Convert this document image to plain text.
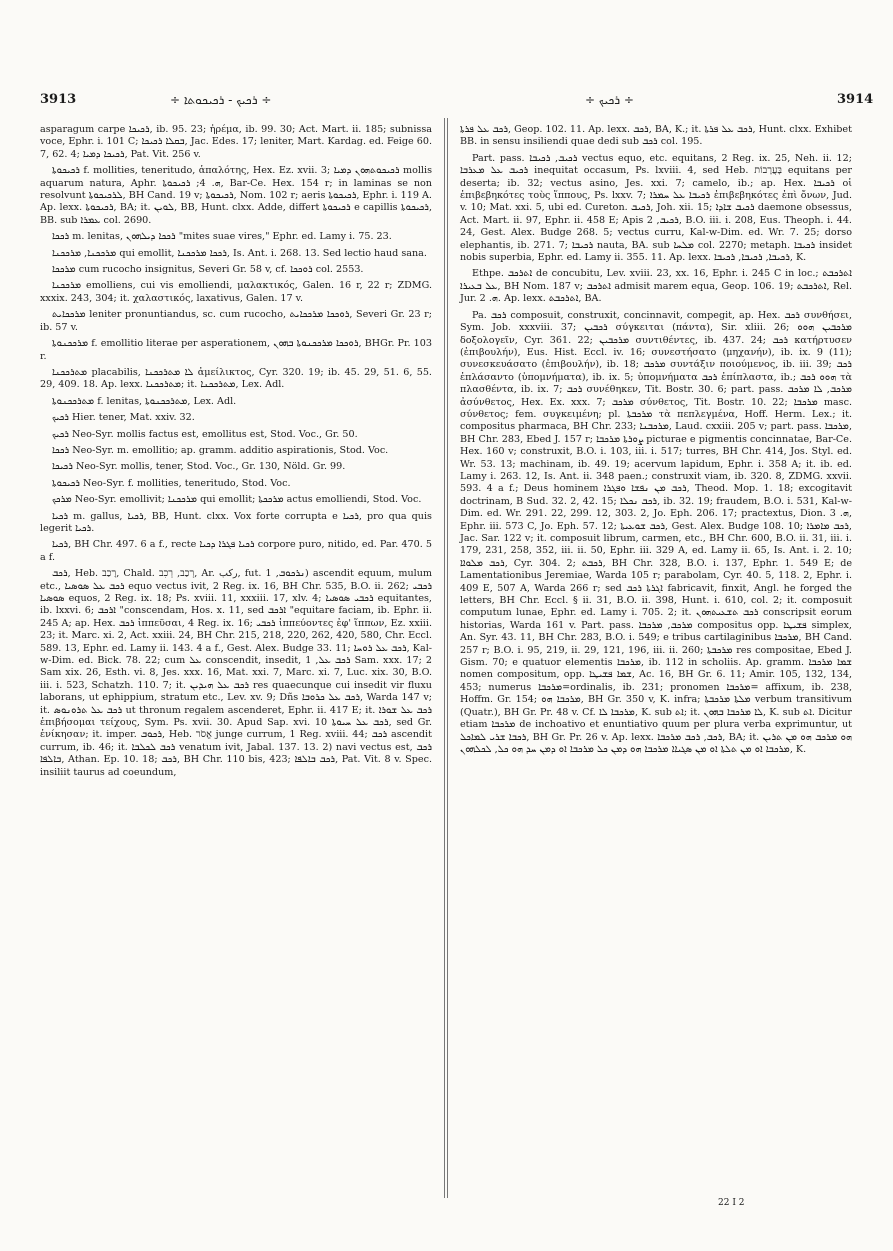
3913	÷ ܪܟܝܟ - ܪܟܝܟܘܬܐ ÷	÷ ܪܟܝܟ ÷	3914

asparagum carpe ܪܟܝܟܐ, ib. 95. 23; ἠρέμα, ib. 99. 30; Act. Mart. ii. 185; subnissa voce, Ephr. i. 101 C; ܒܩܠܐ ܪܟܝܟܐ, Jac. Edes. 17; leniter, Mart. Kardag. ed. Feige 60. 7, 62. 4; ܪܟܝܟܐ ܕܡܝܐ, Pat. Vit. 256 v.

ܪܟܝܟܘܬܐ f. mollities, teneritudo, ἁπαλότης, Hex. Ez. xvii. 3; ܪܟܝܟܘܬܗܘܢ ܕܡܝܐ mollis aquarum natura, Aphr. ܗ. 4; ܪܟܝܟܘܬܐ, Bar-Ce. Hex. 154 r; in laminas se non resolvunt ܠܪܟܝܟܘܬܐ, BH Cand. 19 v; ܪܟܝܟܘܬܐ, Nom. 102 r; aeris ܪܟܝܟܘܬܐ, Ephr. i. 119 A. Ap. lexx. ܪܟܝܟܘܬܐ, BA; it. ܠܘܝܢ, BB, Hunt. clxx. Adde, differt ܪܟܝܟܘܬܐ e capillis ܪܟܝܟܘܬܐ, BB. sub ܥܡܪܐ col. 2690.

ܪܟܟܐ m. lenitas, ܪܟܟܐ ܕܝܠܗܘܢ "mites suae vires," Ephr. ed. Lamy i. 75. 23.

ܡܪܟܟܢܐ, ܡܪܟܟܢܐ qui emollit, ܪܟܟܐ ܡܪܟܟܢܐ, Is. Ant. i. 268. 13. Sed lectio haud sana.

ܡܪܟܟܐ cum rucocho insignitus, Severi Gr. 58 v, cf. ܪܘܟܟܐ col. 2553.

ܡܪܟܟܢܐ emolliens, cui vis emolliendi, μαλακτικός, Galen. 16 r, 22 r; ZDMG. xxxix. 243, 304; it. χαλαστικός, laxativus, Galen. 17 v.

ܡܪܟܟܐܝܬ leniter pronuntiandus, sc. cum rucocho, ܪܘܟܟܐ ܡܪܟܟܐܝܬ, Severi Gr. 23 r; ib. 57 v.

ܡܪܟܟܢܘܬܐ f. emollitio literae per asperationem, ܪܘܟܟܐ ܡܪܟܟܢܘܬܐ ܒܗܘܢ, BHGr. Pr. 103 r.

ܡܬܪܟܟܢܐ placabilis, ܠܐ ܡܬܪܟܟܢܐ ἀμείλικτος, Cyr. 320. 19; ib. 45. 29, 51. 6, 55. 29, 409. 18. Ap. lexx. ܡܬܪܟܟܢܐ; it. ܡܬܪܟܟܢܐ, Lex. Adl.

ܡܬܪܟܟܢܘܬܐ f. lenitas, ܡܬܪܟܟܢܘܬܐ, Lex. Adl.

ܪܟܝܟ Hier. tener, Mat. xxiv. 32.

ܪܟܝܟ Neo-Syr. mollis factus est, emollitus est, Stod. Voc., Gr. 50.

ܪܟܟܐ Neo-Syr. m. emollitio; ap. gramm. additio aspirationis, Stod. Voc.

ܪܟܝܟܐ Neo-Syr. mollis, tener, Stod. Voc., Gr. 130, Nöld. Gr. 99.

ܪܟܝܟܘܬܐ Neo-Syr. f. mollities, teneritudo, Stod. Voc.

ܡܪܟܟ Neo-Syr. emollivit; ܡܪܟܟܢܐ qui emollit; ܡܪܟܟܬܐ actus emolliendi, Stod. Voc.

ܪܟܝܐ m. gallus, ܪܟܝܐ, BB, Hunt. clxx. Vox forte corrupta e ܪܟܝܐ, pro qua quis legerit ܪܟܝܐ.

ܪܟܝܐ, BH Chr. 497. 6 a f., recte ܪܟܝܐ ܦܓܪܐ ܕܟܝܐ corpore puro, nitido, ed. Par. 470. 5 a f.

ܪܟܒ, Heb. רָכַב, Chald. רְכַב, רְכִב, Ar. ركب, fut. ܢܪܟܘܒ, 1) ascendit equum, mulum etc., ܪܟܒ ܥܠ ܣܘܣܝܐ equo vectus ivit, 2 Reg. ix. 16, BH Chr. 535, B.O. ii. 262; ܪܟܒܝ ܣܘܣܝܐ equos, 2 Reg. ix. 18; Ps. xviii. 11, xxxiii. 17, xlv. 4; ܪܟܒܝ ܣܘܣܝܐ equitantes, ib. lxxvi. 6; ܐܪܟܒ "conscendam, Hos. x. 11, sed ܐܪܟܒ "equitare faciam, ib. Ephr. ii. 245 A; ap. Hex. ܪܟܒ ἱππεῦσαι, 4 Reg. ix. 16; ܪܟܒܝ ἱππεύοντες ἐφ' ἵππων, Ez. xxiii. 23; it. Marc. xi. 2, Act. xxiii. 24, BH Chr. 215, 218, 220, 262, 420, 580, Chr. Eccl. 589. 13, Ephr. ed. Lamy ii. 143. 4 a f., Gest. Alex. Budge 33. 11; ܪܟܒ ܥܠ ܪܘܚܐ, Kal-w-Dim. ed. Bick. 78. 22; cum ܥܠ conscendit, insedit, ܪܟܒ ܥܠ, 1 Sam. xxx. 17; 2 Sam xix. 26, Esth. vi. 8, Jes. xxx. 16, Mat. xxi. 7, Marc. xi. 7, Luc. xix. 30, B.O. iii. i. 523, Schatzh. 110. 7; it. ܪܟܒ ܥܠ ܗܝܕܝܢ res quaecunque cui insedit vir fluxu laborans, ut ephippium, stratum etc., Lev. xv. 9; Dñs ܪܟܒ ܥܠ ܟܪܘܒܐ, Warda 147 v; it. ܪܟܒ ܥܠ ܬܪܘܢܘܣ ut thronum regalem ascenderet, Ephr. ii. 417 E; it. ܪܟܒ ܥܠ ܫܘܪܐ ἐπιβήσομαι τείχους, Sym. Ps. xvii. 30. Apud Sap. xvi. 10 ܪܟܒ ܥܠ ܚܝܘܬܐ, sed Gr. ἐνίκησαν; it. imper. ܪܟܘܒ, Heb. אֱסֹר junge currum, 1 Reg. xviii. 44; ܪܟܒ ascendit currum, ib. 46; it. ܪܟܒ ܠܟܠܒܐ venatum ivit, Jabal. 137. 13. 2) navi vectus est, ܪܟܒ ܒܐܠܦܐ, Athan. Ep. 10. 18; ܪܟܒ, BH Chr. 110 bis, 423; ܪܟܒ ܒܐܠܦܐ, Pat. Vit. 8 v. Spec. insiliit taurus ad coeundum,

ܪܟܒ ܥܠ ܦܪܬܐ, Geop. 102. 11. Ap. lexx. ܪܟܒ, BA, K.; it. ܪܟܒ ܥܠ ܦܪܬܐ, Hunt. clxx. Exhibet BB. in sensu insiliendi quae dedi sub ܪܟܒ col. 195.

Part. pass. ܪܟܝܒ, ܪܟܝܒܐ vectus equo, etc. equitans, 2 Reg. ix. 25, Neh. ii. 12; ܪܟܝܒ ܥܠ ܡܥܪܒܐ inequitat occasum, Ps. lxviii. 4, sed Heb. בָּעֲרָבוֹת equitans per deserta; ib. 32; vectus asino, Jes. xxi. 7; camelo, ib.; ap. Hex. ܪܟܝܒܐ οἱ ἐπιβεβηκότες τοὺς ἵππους, Ps. lxxv. 7; ܪܟܝܒܐ ܥܠ ܚܡܪܐ ἐπιβεβηκότες ἐπὶ ὄνων, Jud. v. 10; Mat. xxi. 5, ubi ed. Cureton. ܪܟܝܒ, Joh. xii. 15; ܪܟܝܒ ܫܐܕܐ daemone obsessus, Act. Mart. ii. 97, Ephr. ii. 458 E; Apis ܪܟܝܒ, 2, B.O. iii. i. 208, Eus. Theoph. i. 44. 24, Gest. Alex. Budge 268. 5; vectus curru, Kal-w-Dim. ed. Wr. 7. 25; dorso elephantis, ib. 271. 7; ܪܟܝܒܐ nauta, BA. sub ܡܠܚܐ col. 2270; metaph. ܪܟܝܒܐ insidet nobis superbia, Ephr. ed. Lamy ii. 355. 11. Ap. lexx. ܪܟܝܒܐ, ܪܟܝܒܐ, ܪܟܝܒܐ, K.

Ethpe. ܐܬܪܟܒ de concubitu, Lev. xviii. 23, xx. 16, Ephr. i. 245 C in loc.; ܐܬܪܟܒܬ ܥܠ ܒܥܝܪܐ, BH Nom. 187 v; ܐܬܪܟܒ admisit marem equa, Geop. 106. 19; ܐܬܪܟܒܬ, Rel. Jur. ܗ. 2. Ap. lexx. ܐܬܪܟܒܬ, BA.

Pa. ܪܟܒ composuit, construxit, concinnavit, compegit, ap. Hex. ܪܟܒ συνθήσει, Sym. Job. xxxviii. 37; ܪܟܒܝܢ σύγκειται (πάντα), Sir. xliii. 26; ܡܪܟܒܝܢ ܗܘܘ δοξολογεῖν, Cyr. 361. 22; ܡܪܟܒܝܢ συντιθέντες, ib. 437. 24; ܪܟܒ κατήρτυσεν (ἐπιβουλήν), Eus. Hist. Eccl. iv. 16; συνεστήσατο (μηχανήν), ib. ix. 9 (11); συνεσκευάσατο (ἐπιβουλήν), ib. 18; ܡܪܟܒ συντάξιν ποιούμενος, ib. iii. 39; ܪܟܒ ἐπλάσαντο (ὑπομνήματα), ib. ix. 5; ὑπομνήματα ܪܟܒ ἐπίπλαστα, ib.; ܗܘܘ ܪܟܒ τὰ πλασθέντα, ib. ix. 7; ܪܟܒ συνέθηκεν, Tit. Bostr. 30. 6; part. pass. ܡܪܟܒ, ܠܐ ܡܪܟܒ ἀσύνθετος, Hex. Ex. xxx. 7; ܡܪܟܒ σύνθετος, Tit. Bostr. 10. 22; ܡܪܟܒܐ masc. σύνθετος; fem. συγκειμένη; pl. ܡܪܟܒܬܐ τὰ πεπλεγμένα, Hoff. Herm. Lex.; it. compositus pharmaca, BH Chr. 233; ܡܪܟܒܢܐ, Laud. cxxiii. 205 v; part. pass. ܡܪܟܒܐ, BH Chr. 283, Ebed J. 157 r; ܨܘܪܬܐ ܡܪܟܒܐ picturae e pigmentis concinnatae, Bar-Ce. Hex. 160 v; construxit, B.O. i. 103, iii. i. 517; turres, BH Chr. 414, Jos. Styl. ed. Wr. 53. 13; machinam, ib. 49. 19; acervum lapidum, Ephr. i. 358 A; it. ib. ed. Lamy i. 263. 12, Is. Ant. ii. 348 paen.; construxit viam, ib. 320. 8, ZDMG. xxvii. 593. 4 a f.; Deus hominem ܪܟܒ ܡܢ ܢܦܫܐ ܘܦܓܪܐ, Theod. Mop. 1. 18; excogitavit doctrinam, B Sud. 32. 2, 42. 15; ܪܟܒ ܢܟܠܐ, ib. 32. 19; fraudem, B.O. i. 531, Kal-w-Dim. ed. Wr. 291. 22, 299. 12, 303. 2, Jo. Eph. 206. 17; practextus, Dion. ܗ. 3, Ephr. iii. 573 C, Jo. Eph. 57. 12; ܪܟܒ ܫܘܥܝܬܐ, Gest. Alex. Budge 108. 10; ܪܟܒ ܡܐܡܪܐ, Jac. Sar. 122 v; it. composuit librum, carmen, etc., BH Chr. 600, B.O. ii. 31, iii. i. 179, 231, 258, 352, iii. ii. 50, Ephr. iii. 329 A, ed. Lamy ii. 65, Is. Ant. i. 2. 10; ܪܟܒ ܡܠܘܐܐ, Cyr. 304. 2; ܪܟܒܬ, BH Chr. 328, B.O. i. 137, Ephr. 1. 549 E; de Lamentationibus Jeremiae, Warda 105 r; parabolam, Cyr. 40. 5, 118. 2, Ephr. i. 409 E, 507 A, Warda 266 r; sed ܐܓܪܬܐ ܪܟܒ fabricavit, finxit, Angl. he forged the letters, BH Chr. Eccl. § ii. 31, B.O. ii. 398, Hunt. i. 610, col. 2; it. composuit computum lunae, Ephr. ed. Lamy i. 705. 2; it. ܪܟܒ ܬܫܥܝܬܗܘܢ conscripsit eorum historias, Warda 161 v. Part. pass. ܡܪܟܒ, ܡܪܟܒܐ compositus opp. ܦܫܝܛܐ simplex, An. Syr. 43. 11, BH Chr. 283, B.O. i. 549; e tribus cartilaginibus ܡܪܟܒܐ, BH Cand. 257 r; B.O. i. 95, 219, ii. 29, 121, 196, iii. ii. 260; ܡܪܟܒܬܐ res compositae, Ebed J. Gism. 70; e quatuor elementis ܡܪܟܒܐ, ib. 112 in scholiis. Ap. gramm. ܫܡܐ ܡܪܟܒܐ nomen compositum, opp. ܫܡܐ ܦܫܝܛܐ, Ac. 16, BH Gr. 6. 11; Amir. 105, 132, 134, 453; numerus ܡܪܟܒܐ=ordinalis, ib. 231; pronomen ܡܪܟܒܐ= affixum, ib. 238, Hoffm. Gr. 154; ܡܪܟܒܐ ܗܘ, BH Gr. 350 v, K. infra; ܡܠܬܐ ܡܪܟܒܬܐ verbum transitivum (Quatr.), BH Gr. Pr. 48 v. Cf. ܡܪܟܒܐ ܠܐ, K. sub ܐܬ; it. ܠܐ ܡܪܟܒܐ ܒܗܘܢ, K. sub ܐܬ. Dicitur etiam ܡܪܟܒܐ de inchoativo et enuntiativo quum per plura verba exprimuntur, ut ܪܟܒܐ ܫܪܝ ܠܡܐܟܠ, BH Gr. Pr. 26 v. Ap. lexx. ܪܟܒ, ܪܟܒ ܡܪܟܒܐ, BA; it. ܗܘ ܡܪܟܒ ܗܘ ܡܢ ܬܪܝܢ ܡܪܟܒܐ ܐܘ ܡܢ ܬܠܬܐ ܐܘ ܡܢ ܣܓܝܐܐ ܡܪܟܒܐ ܗܘ ܕܡܢ ܟܠ ܡܪܟܒܐ ܐܘ ܕܡܢ ܚܕ ܗܘ ܟܠ, ܠܟܠܗܘܢ, K.

22 I 2
